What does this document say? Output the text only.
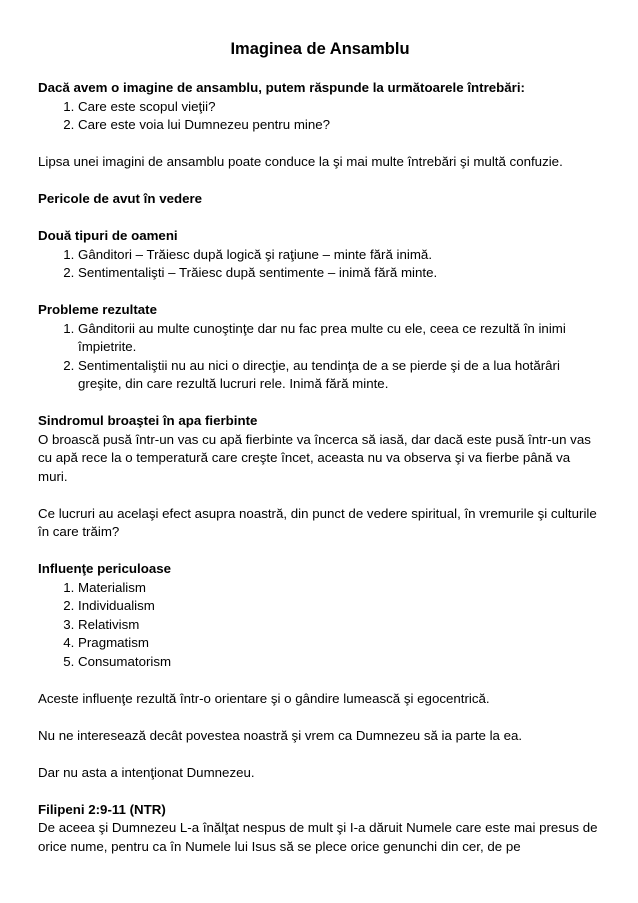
Imaginea de Ansamblu

Dacă avem o imagine de ansamblu, putem răspunde la următoarele întrebări:

1. Care este scopul vieţii?
2. Care este voia lui Dumnezeu pentru mine?

Lipsa unei imagini de ansamblu poate conduce la şi mai multe întrebări şi multă confuzie.

Pericole de avut în vedere

Două tipuri de oameni

1. Gânditori – Trăiesc după logică şi raţiune – minte fără inimă.
2. Sentimentalişti – Trăiesc după sentimente – inimă fără minte.

Probleme rezultate

1. Gânditorii au multe cunoştinţe dar nu fac prea multe cu ele, ceea ce rezultă în inimi împietrite.
2. Sentimentaliştii nu au nici o direcţie, au tendinţa de a se pierde şi de a lua hotărâri greşite, din care rezultă lucruri rele. Inimă fără minte.

Sindromul broaştei în apa fierbinte

O broască pusă într-un vas cu apă fierbinte va încerca să iasă, dar dacă este pusă într-un vas cu apă rece la o temperatură care creşte încet, aceasta nu va observa şi va fierbe până va muri.

Ce lucruri au acelaşi efect asupra noastră, din punct de vedere spiritual, în vremurile şi culturile în care trăim?

Influenţe periculoase

1. Materialism
2. Individualism
3. Relativism
4. Pragmatism
5. Consumatorism

Aceste influenţe rezultă într-o orientare şi o gândire lumească şi egocentrică.

Nu ne interesează decât povestea noastră şi vrem ca Dumnezeu să ia parte la ea.

Dar nu asta a intenţionat Dumnezeu.

Filipeni 2:9-11 (NTR)

De aceea şi Dumnezeu L-a înălţat nespus de mult şi I-a dăruit Numele care este mai presus de orice nume, pentru ca în Numele lui Isus să se plece orice genunchi din cer, de pe
